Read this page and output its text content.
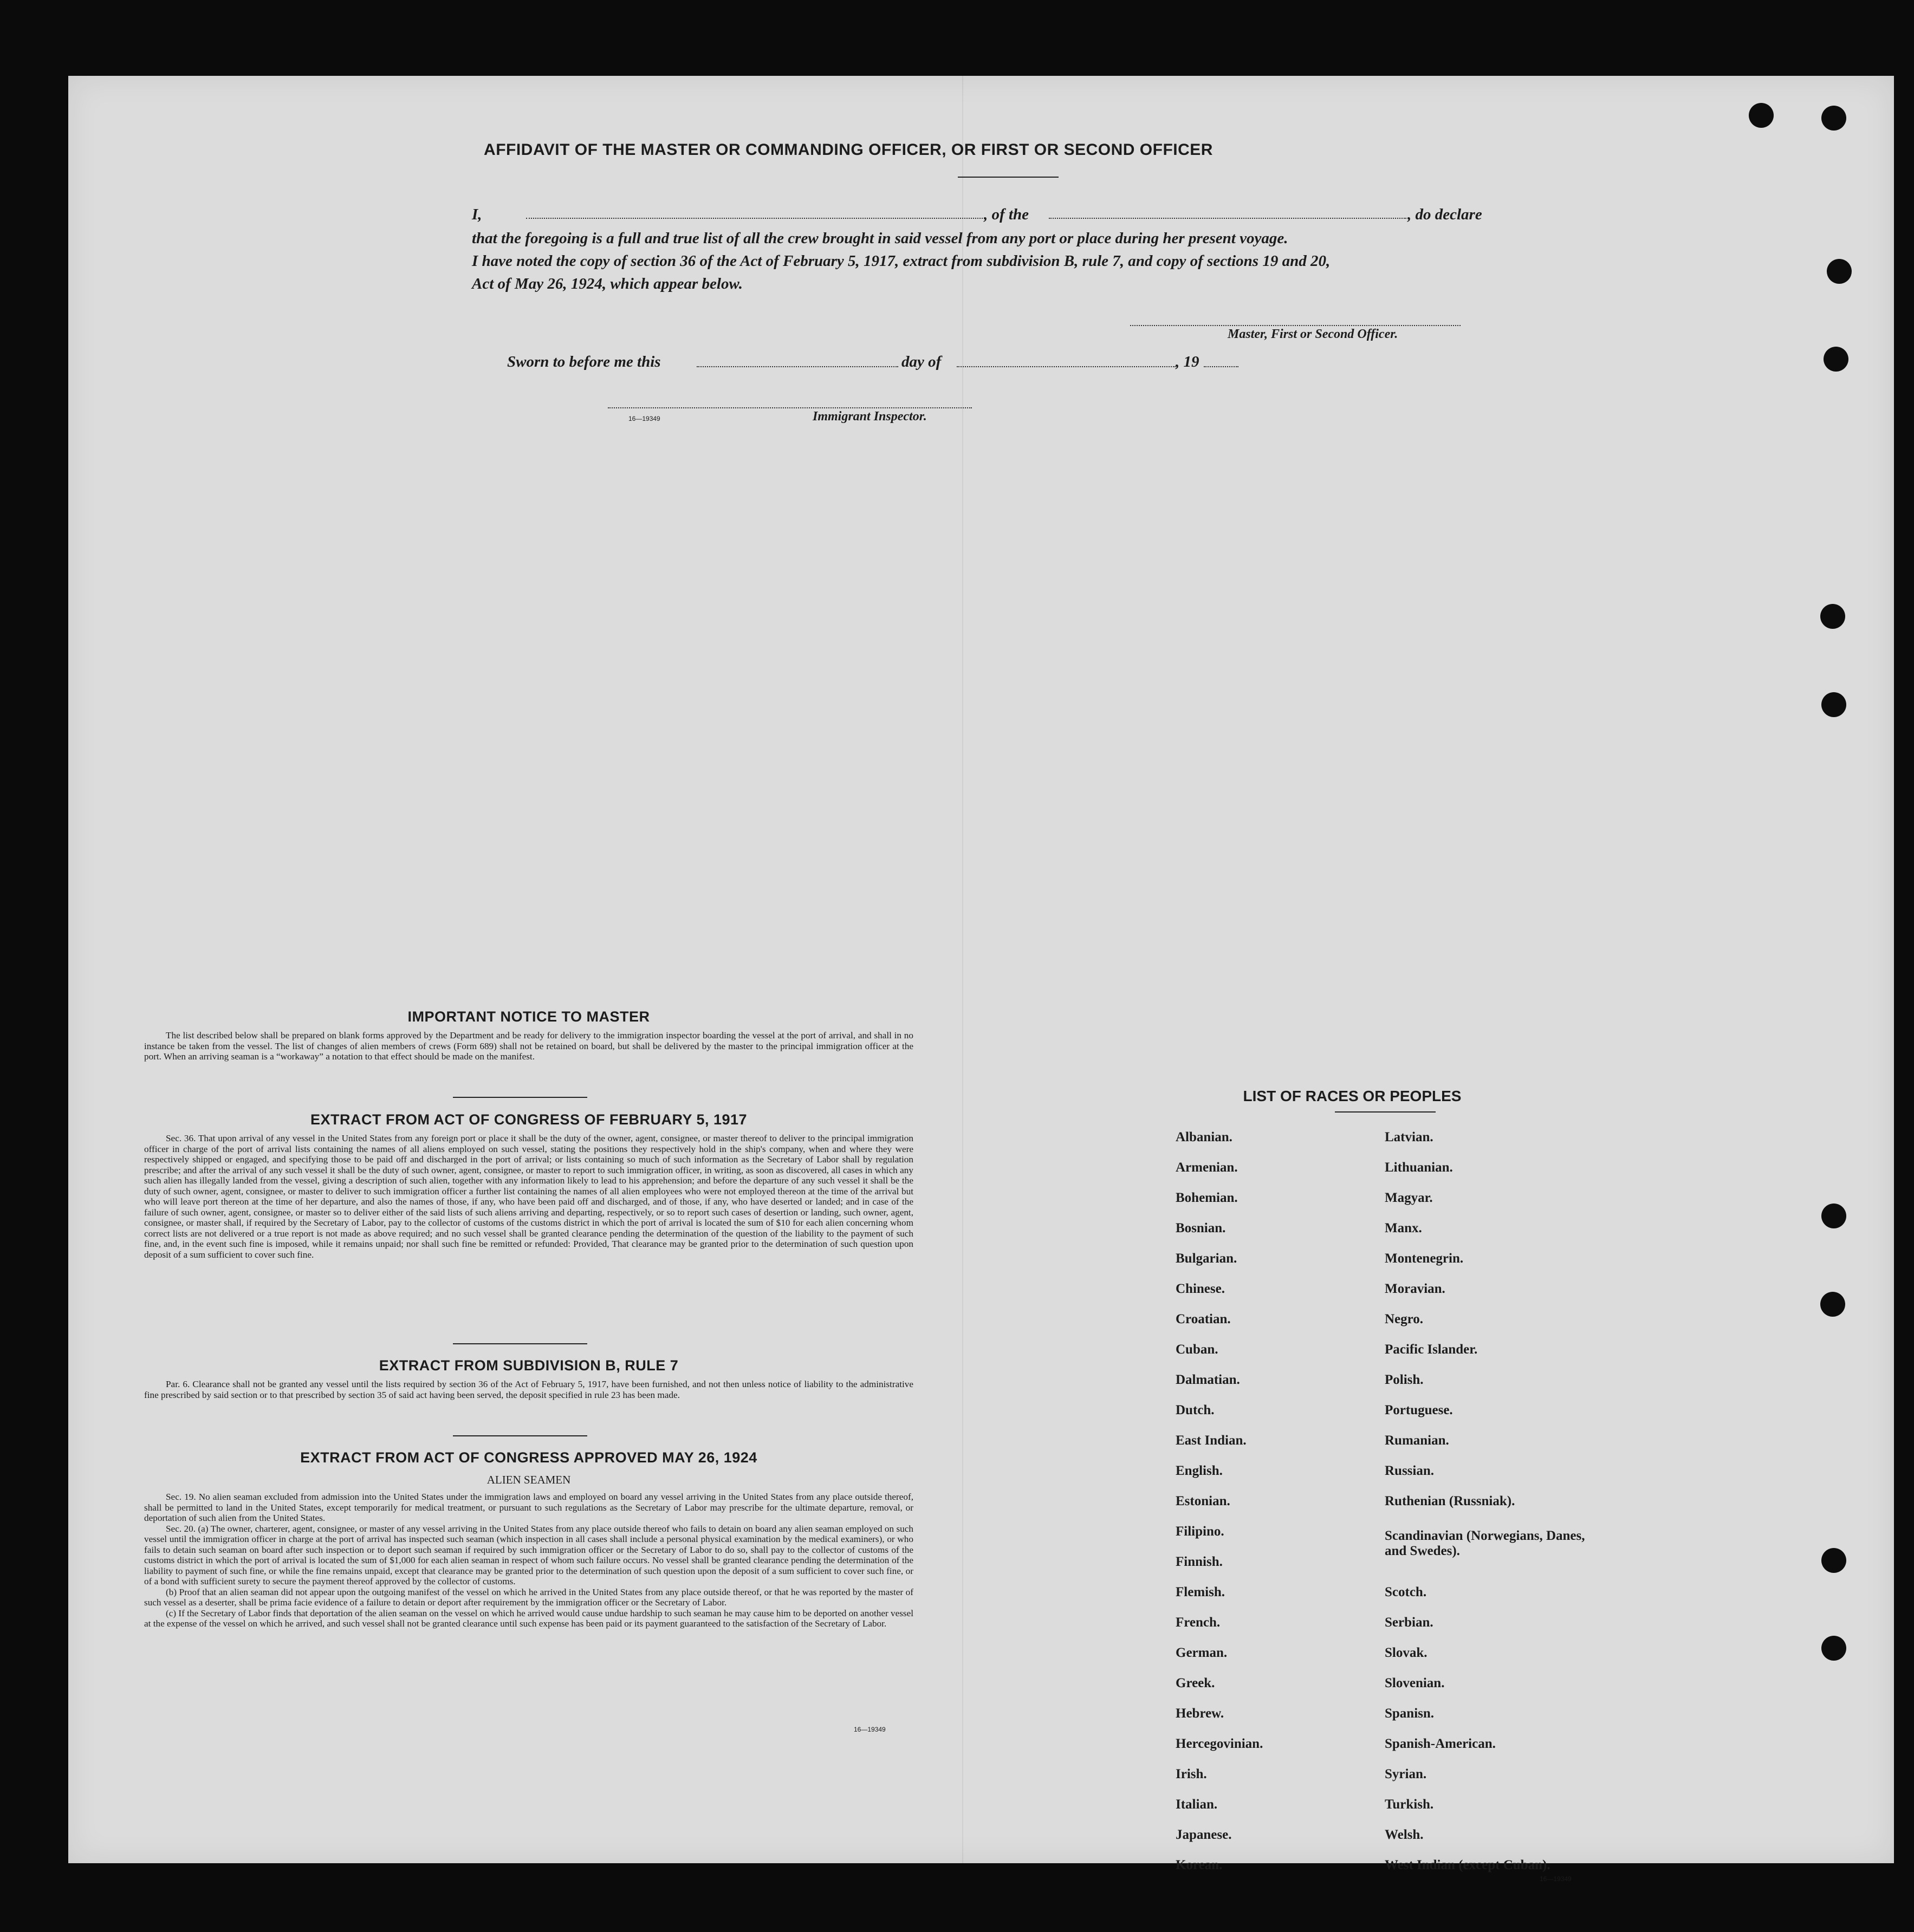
AFFIDAVIT OF THE MASTER OR COMMANDING OFFICER, OR FIRST OR SECOND OFFICER
I,	, of the	, do declare
that the foregoing is a full and true list of all the crew brought in said vessel from any port or place during her present voyage.
I have noted the copy of section 36 of the Act of February 5, 1917, extract from subdivision B, rule 7, and copy of sections 19 and 20,
Act of May 26, 1924, which appear below.
Master, First or Second Officer.
Sworn to before me this	day of	, 19
16—19349	Immigrant Inspector.
IMPORTANT NOTICE TO MASTER

The list described below shall be prepared on blank forms approved by the Department and be ready for delivery to the immigration inspector boarding the vessel at the port of arrival, and shall in no instance be taken from the vessel. The list of changes of alien members of crews (Form 689) shall not be retained on board, but shall be delivered by the master to the principal immigration officer at the port. When an arriving seaman is a “workaway” a notation to that effect should be made on the manifest.

EXTRACT FROM ACT OF CONGRESS OF FEBRUARY 5, 1917

Sec. 36. That upon arrival of any vessel in the United States from any foreign port or place it shall be the duty of the owner, agent, consignee, or master thereof to deliver to the principal immigration officer in charge of the port of arrival lists containing the names of all aliens employed on such vessel, stating the positions they respectively hold in the ship's company, when and where they were respectively shipped or engaged, and specifying those to be paid off and discharged in the port of arrival; or lists containing so much of such information as the Secretary of Labor shall by regulation prescribe; and after the arrival of any such vessel it shall be the duty of such owner, agent, consignee, or master to report to such immigration officer, in writing, as soon as discovered, all cases in which any such alien has illegally landed from the vessel, giving a description of such alien, together with any information likely to lead to his apprehension; and before the departure of any such vessel it shall be the duty of such owner, agent, consignee, or master to deliver to such immigration officer a further list containing the names of all alien employees who were not employed thereon at the time of the arrival but who will leave port thereon at the time of her departure, and also the names of those, if any, who have been paid off and discharged, and of those, if any, who have deserted or landed; and in case of the failure of such owner, agent, consignee, or master so to deliver either of the said lists of such aliens arriving and departing, respectively, or so to report such cases of desertion or landing, such owner, agent, consignee, or master shall, if required by the Secretary of Labor, pay to the collector of customs of the customs district in which the port of arrival is located the sum of $10 for each alien concerning whom correct lists are not delivered or a true report is not made as above required; and no such vessel shall be granted clearance pending the determination of the question of the liability to the payment of such fine, and, in the event such fine is imposed, while it remains unpaid; nor shall such fine be remitted or refunded: Provided, That clearance may be granted prior to the determination of such question upon deposit of a sum sufficient to cover such fine.

EXTRACT FROM SUBDIVISION B, RULE 7

Par. 6. Clearance shall not be granted any vessel until the lists required by section 36 of the Act of February 5, 1917, have been furnished, and not then unless notice of liability to the administrative fine prescribed by said section or to that prescribed by section 35 of said act having been served, the deposit specified in rule 23 has been made.

EXTRACT FROM ACT OF CONGRESS APPROVED MAY 26, 1924
ALIEN SEAMEN

Sec. 19. No alien seaman excluded from admission into the United States under the immigration laws and employed on board any vessel arriving in the United States from any place outside thereof, shall be permitted to land in the United States, except temporarily for medical treatment, or pursuant to such regulations as the Secretary of Labor may prescribe for the ultimate departure, removal, or deportation of such alien from the United States.

Sec. 20. (a) The owner, charterer, agent, consignee, or master of any vessel arriving in the United States from any place outside thereof who fails to detain on board any alien seaman employed on such vessel until the immigration officer in charge at the port of arrival has inspected such seaman (which inspection in all cases shall include a personal physical examination by the medical examiners), or who fails to detain such seaman on board after such inspection or to deport such seaman if required by such immigration officer or the Secretary of Labor to do so, shall pay to the collector of customs of the customs district in which the port of arrival is located the sum of $1,000 for each alien seaman in respect of whom such failure occurs. No vessel shall be granted clearance pending the determination of the liability to payment of such fine, or while the fine remains unpaid, except that clearance may be granted prior to the determination of such question upon the deposit of a sum sufficient to cover such fine, or of a bond with sufficient surety to secure the payment thereof approved by the collector of customs.

(b) Proof that an alien seaman did not appear upon the outgoing manifest of the vessel on which he arrived in the United States from any place outside thereof, or that he was reported by the master of such vessel as a deserter, shall be prima facie evidence of a failure to detain or deport after requirement by the immigration officer or the Secretary of Labor.

(c) If the Secretary of Labor finds that deportation of the alien seaman on the vessel on which he arrived would cause undue hardship to such seaman he may cause him to be deported on another vessel at the expense of the vessel on which he arrived, and such vessel shall not be granted clearance until such expense has been paid or its payment guaranteed to the satisfaction of the Secretary of Labor.

16—19349
LIST OF RACES OR PEOPLES
Albanian.
Armenian.
Bohemian.
Bosnian.
Bulgarian.
Chinese.
Croatian.
Cuban.
Dalmatian.
Dutch.
East Indian.
English.
Estonian.
Filipino.
Finnish.
Flemish.
French.
German.
Greek.
Hebrew.
Hercegovinian.
Irish.
Italian.
Japanese.
Korean.
Latvian.
Lithuanian.
Magyar.
Manx.
Montenegrin.
Moravian.
Negro.
Pacific Islander.
Polish.
Portuguese.
Rumanian.
Russian.
Ruthenian (Russniak).
Scandinavian (Norwegians, Danes, and Swedes).
Scotch.
Serbian.
Slovak.
Slovenian.
Spanisn.
Spanish-American.
Syrian.
Turkish.
Welsh.
West Indian (except Cuban).
16—19349
